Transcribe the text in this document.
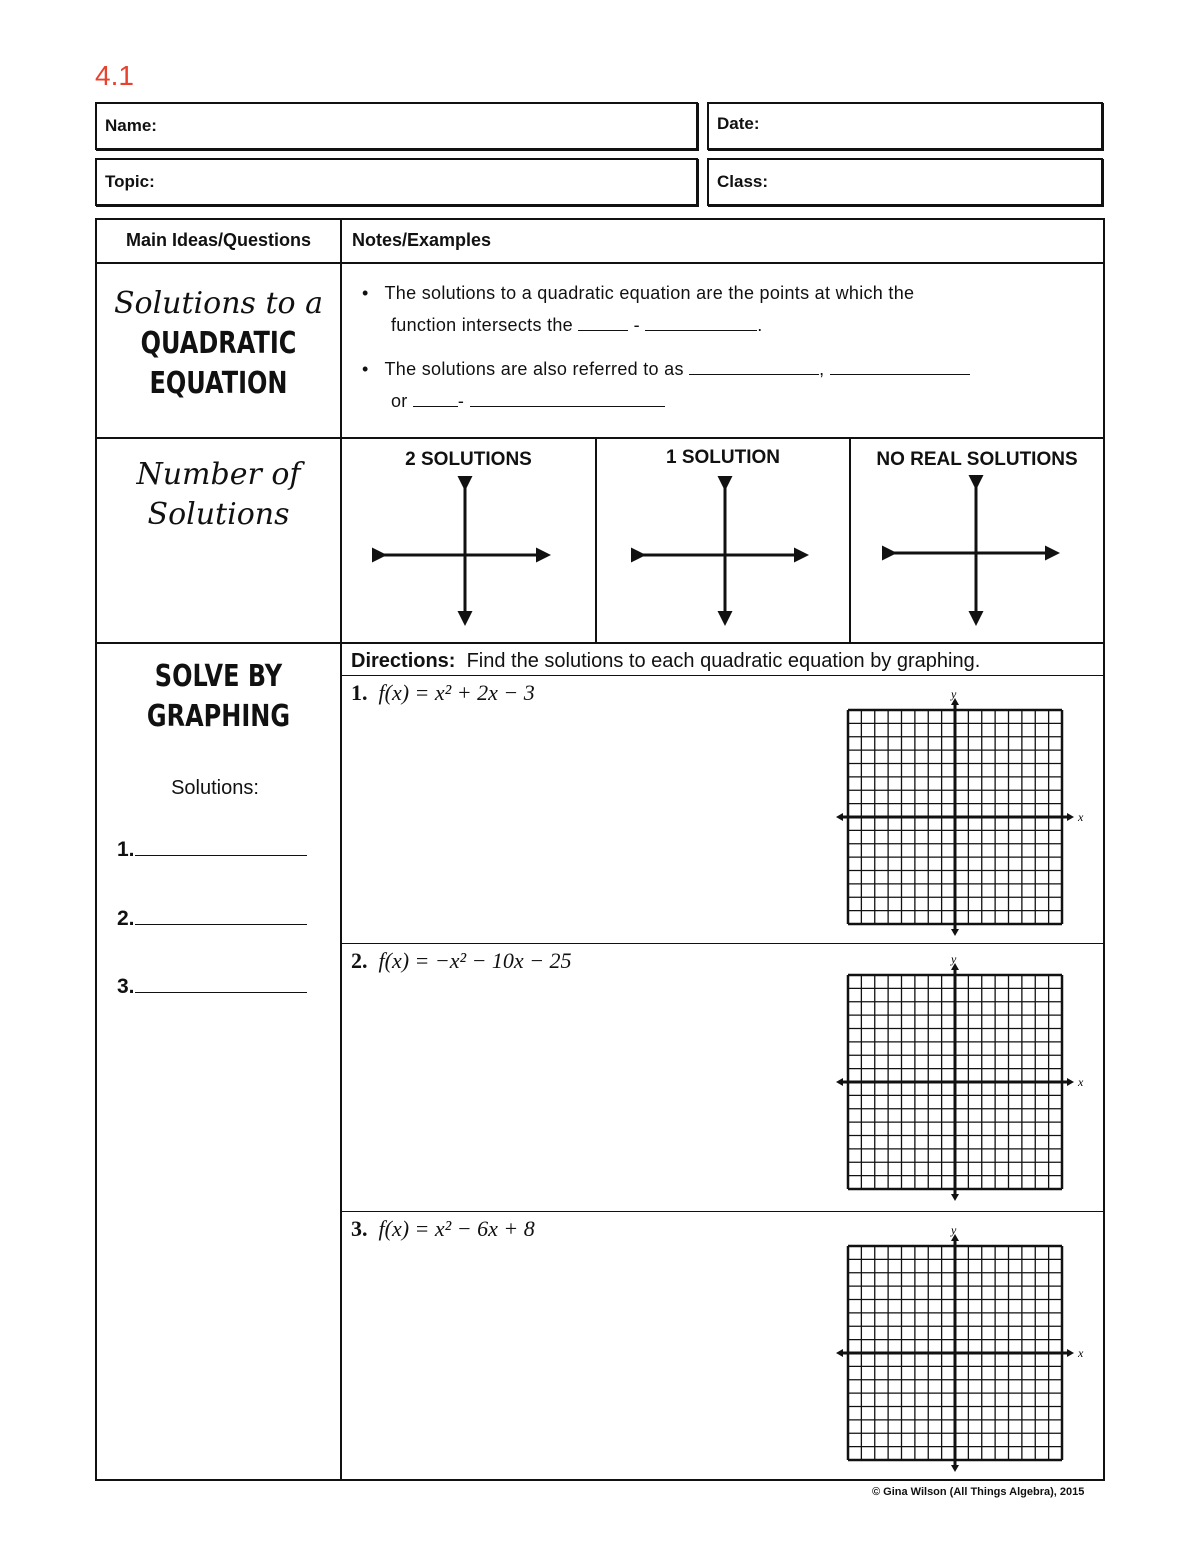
4.1
Name:	Date:
Topic:	Class:
Main Ideas/Questions	Notes/Examples
Solutions to a
QUADRATIC
EQUATION
•   The solutions to a quadratic equation are the points at which the
function intersects the	-	.
•   The solutions are also referred to as	,
or	-
Number of
Solutions
2 SOLUTIONS	1 SOLUTION	NO REAL SOLUTIONS
SOLVE BY
GRAPHING
Solutions:
1.
2.
3.
Directions: Find the solutions to each quadratic equation by graphing.
1. f(x) = x² + 2x − 3
2. f(x) = −x² − 10x − 25
3. f(x) = x² − 6x + 8
x
y
x
y
x
y
© Gina Wilson (All Things Algebra), 2015
